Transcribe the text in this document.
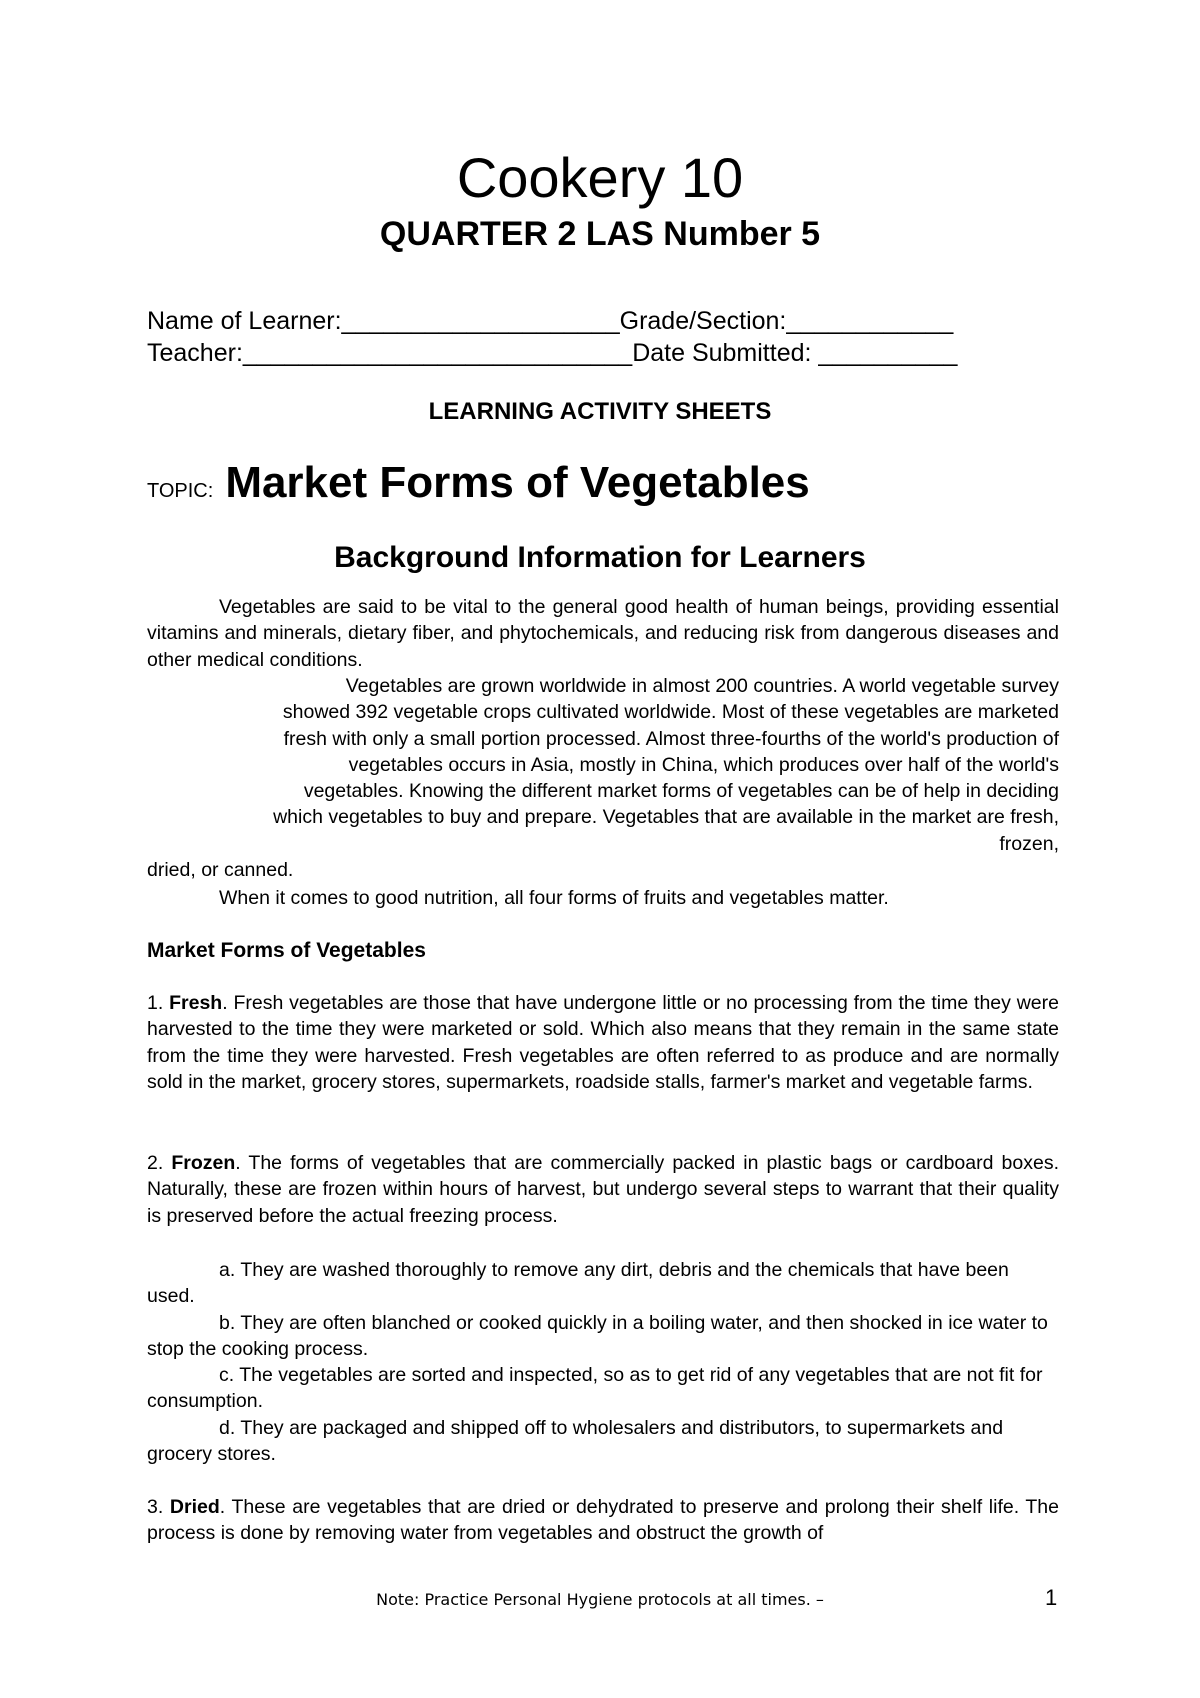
Cookery 10
QUARTER 2 LAS Number 5
Name of Learner:____________________Grade/Section:____________
Teacher:____________________________Date Submitted: __________
LEARNING ACTIVITY SHEETS
TOPIC: Market Forms of Vegetables
Background Information for Learners
Vegetables are said to be vital to the general good health of human beings, providing essential vitamins and minerals, dietary fiber, and phytochemicals, and reducing risk from dangerous diseases and other medical conditions.
Vegetables are grown worldwide in almost 200 countries. A world vegetable survey
showed 392 vegetable crops cultivated worldwide. Most of these vegetables are marketed
fresh with only a small portion processed. Almost three-fourths of the world's production of
vegetables occurs in Asia, mostly in China, which produces over half of the world's
vegetables. Knowing the different market forms of vegetables can be of help in deciding
which vegetables to buy and prepare. Vegetables that are available in the market are fresh,
frozen,
dried, or canned.
When it comes to good nutrition, all four forms of fruits and vegetables matter.
Market Forms of Vegetables
1. Fresh. Fresh vegetables are those that have undergone little or no processing from the time they were harvested to the time they were marketed or sold. Which also means that they remain in the same state from the time they were harvested. Fresh vegetables are often referred to as produce and are normally sold in the market, grocery stores, supermarkets, roadside stalls, farmer's market and vegetable farms.
2. Frozen. The forms of vegetables that are commercially packed in plastic bags or cardboard boxes. Naturally, these are frozen within hours of harvest, but undergo several steps to warrant that their quality is preserved before the actual freezing process.
a. They are washed thoroughly to remove any dirt, debris and the chemicals that have been used.
b. They are often blanched or cooked quickly in a boiling water, and then shocked in ice water to stop the cooking process.
c. The vegetables are sorted and inspected, so as to get rid of any vegetables that are not fit for consumption.
d. They are packaged and shipped off to wholesalers and distributors, to supermarkets and grocery stores.
3. Dried. These are vegetables that are dried or dehydrated to preserve and prolong their shelf life. The process is done by removing water from vegetables and obstruct the growth of
Note: Practice Personal Hygiene protocols at all times. –	1
